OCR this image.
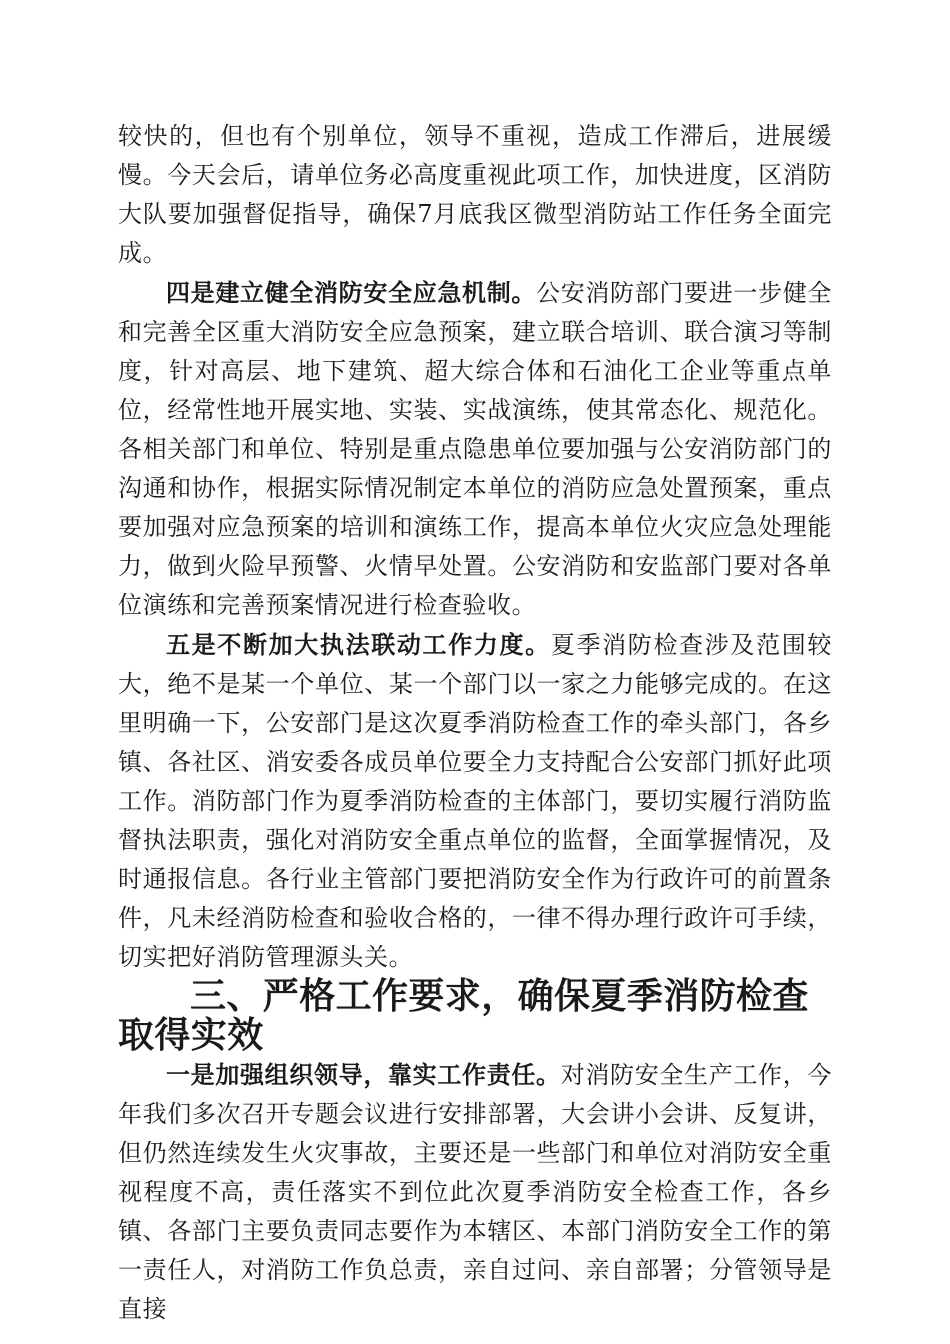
较快的，但也有个别单位，领导不重视，造成工作滞后，进展缓慢。今天会后，请单位务必高度重视此项工作，加快进度，区消防大队要加强督促指导，确保7月底我区微型消防站工作任务全面完成。

四是建立健全消防安全应急机制。公安消防部门要进一步健全和完善全区重大消防安全应急预案，建立联合培训、联合演习等制度，针对高层、地下建筑、超大综合体和石油化工企业等重点单位，经常性地开展实地、实装、实战演练，使其常态化、规范化。各相关部门和单位、特别是重点隐患单位要加强与公安消防部门的沟通和协作，根据实际情况制定本单位的消防应急处置预案，重点要加强对应急预案的培训和演练工作，提高本单位火灾应急处理能力，做到火险早预警、火情早处置。公安消防和安监部门要对各单位演练和完善预案情况进行检查验收。

五是不断加大执法联动工作力度。夏季消防检查涉及范围较大，绝不是某一个单位、某一个部门以一家之力能够完成的。在这里明确一下，公安部门是这次夏季消防检查工作的牵头部门，各乡镇、各社区、消安委各成员单位要全力支持配合公安部门抓好此项工作。消防部门作为夏季消防检查的主体部门，要切实履行消防监督执法职责，强化对消防安全重点单位的监督，全面掌握情况，及时通报信息。各行业主管部门要把消防安全作为行政许可的前置条件，凡未经消防检查和验收合格的，一律不得办理行政许可手续，切实把好消防管理源头关。

三、严格工作要求，确保夏季消防检查取得实效

一是加强组织领导，靠实工作责任。对消防安全生产工作，今年我们多次召开专题会议进行安排部署，大会讲小会讲、反复讲，但仍然连续发生火灾事故，主要还是一些部门和单位对消防安全重视程度不高，责任落实不到位此次夏季消防安全检查工作，各乡镇、各部门主要负责同志要作为本辖区、本部门消防安全工作的第一责任人，对消防工作负总责，亲自过问、亲自部署；分管领导是直接
